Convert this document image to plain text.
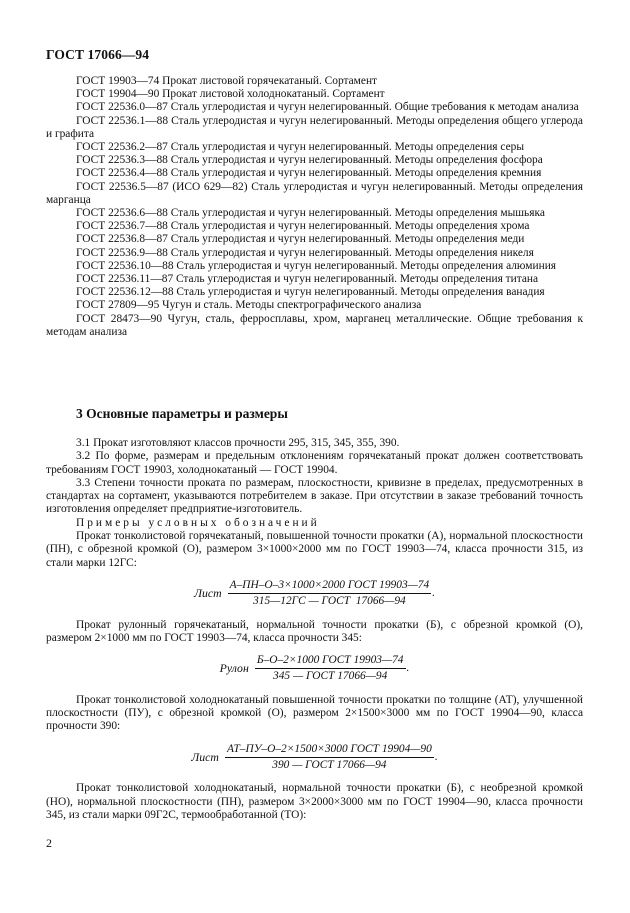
ГОСТ 17066—94

ГОСТ 19903—74 Прокат листовой горячекатаный. Сортамент

ГОСТ 19904—90 Прокат листовой холоднокатаный. Сортамент

ГОСТ 22536.0—87 Сталь углеродистая и чугун нелегированный. Общие требования к методам анализа

ГОСТ 22536.1—88 Сталь углеродистая и чугун нелегированный. Методы определения общего углерода и графита

ГОСТ 22536.2—87 Сталь углеродистая и чугун нелегированный. Методы определения серы

ГОСТ 22536.3—88 Сталь углеродистая и чугун нелегированный. Методы определения фосфора

ГОСТ 22536.4—88 Сталь углеродистая и чугун нелегированный. Методы определения кремния

ГОСТ 22536.5—87 (ИСО 629—82) Сталь углеродистая и чугун нелегированный. Методы определения марганца

ГОСТ 22536.6—88 Сталь углеродистая и чугун нелегированный. Методы определения мышьяка

ГОСТ 22536.7—88 Сталь углеродистая и чугун нелегированный. Методы определения хрома

ГОСТ 22536.8—87 Сталь углеродистая и чугун нелегированный. Методы определения меди

ГОСТ 22536.9—88 Сталь углеродистая и чугун нелегированный. Методы определения никеля

ГОСТ 22536.10—88 Сталь углеродистая и чугун нелегированный. Методы определения алюминия

ГОСТ 22536.11—87 Сталь углеродистая и чугун нелегированный. Методы определения титана

ГОСТ 22536.12—88 Сталь углеродистая и чугун нелегированный. Методы определения ванадия

ГОСТ 27809—95 Чугун и сталь. Методы спектрографического анализа

ГОСТ 28473—90 Чугун, сталь, ферросплавы, хром, марганец металлические. Общие требования к методам анализа

3 Основные параметры и размеры

3.1 Прокат изготовляют классов прочности 295, 315, 345, 355, 390.

3.2 По форме, размерам и предельным отклонениям горячекатаный прокат должен соответствовать требованиям ГОСТ 19903, холоднокатаный — ГОСТ 19904.

3.3 Степени точности проката по размерам, плоскостности, кривизне в пределах, предусмотренных в стандартах на сортамент, указываются потребителем в заказе. При отсутствии в заказе требований точность изготовления определяет предприятие-изготовитель.

Примеры условных обозначений

Прокат тонколистовой горячекатаный, повышенной точности прокатки (А), нормальной плоскостности (ПН), с обрезной кромкой (О), размером 3×1000×2000 мм по ГОСТ 19903—74, класса прочности 315, из стали марки 12ГС:

Лист $\frac{\text{А–ПН–О–3×1000×2000 ГОСТ 19903—74}}{\text{315—12ГС — ГОСТ  17066—94}}$ .

Прокат рулонный горячекатаный, нормальной точности прокатки (Б), с обрезной кромкой (О), размером 2×1000 мм по ГОСТ 19903—74, класса прочности 345:

Рулон $\frac{\text{Б–О–2×1000 ГОСТ 19903—74}}{\text{345 — ГОСТ 17066—94}}$ .

Прокат тонколистовой холоднокатаный повышенной точности прокатки по толщине (АТ), улучшенной плоскостности (ПУ), с обрезной кромкой (О), размером 2×1500×3000 мм по ГОСТ 19904—90, класса прочности 390:

Лист $\frac{\text{АТ–ПУ–О–2×1500×3000 ГОСТ 19904—90}}{\text{390 — ГОСТ 17066—94}}$ .

Прокат тонколистовой холоднокатаный, нормальной точности прокатки (Б), с необрезной кромкой (НО), нормальной плоскостности (ПН), размером 3×2000×3000 мм по ГОСТ 19904—90, класса прочности 345, из стали марки 09Г2С, термообработанной (ТО):

2
